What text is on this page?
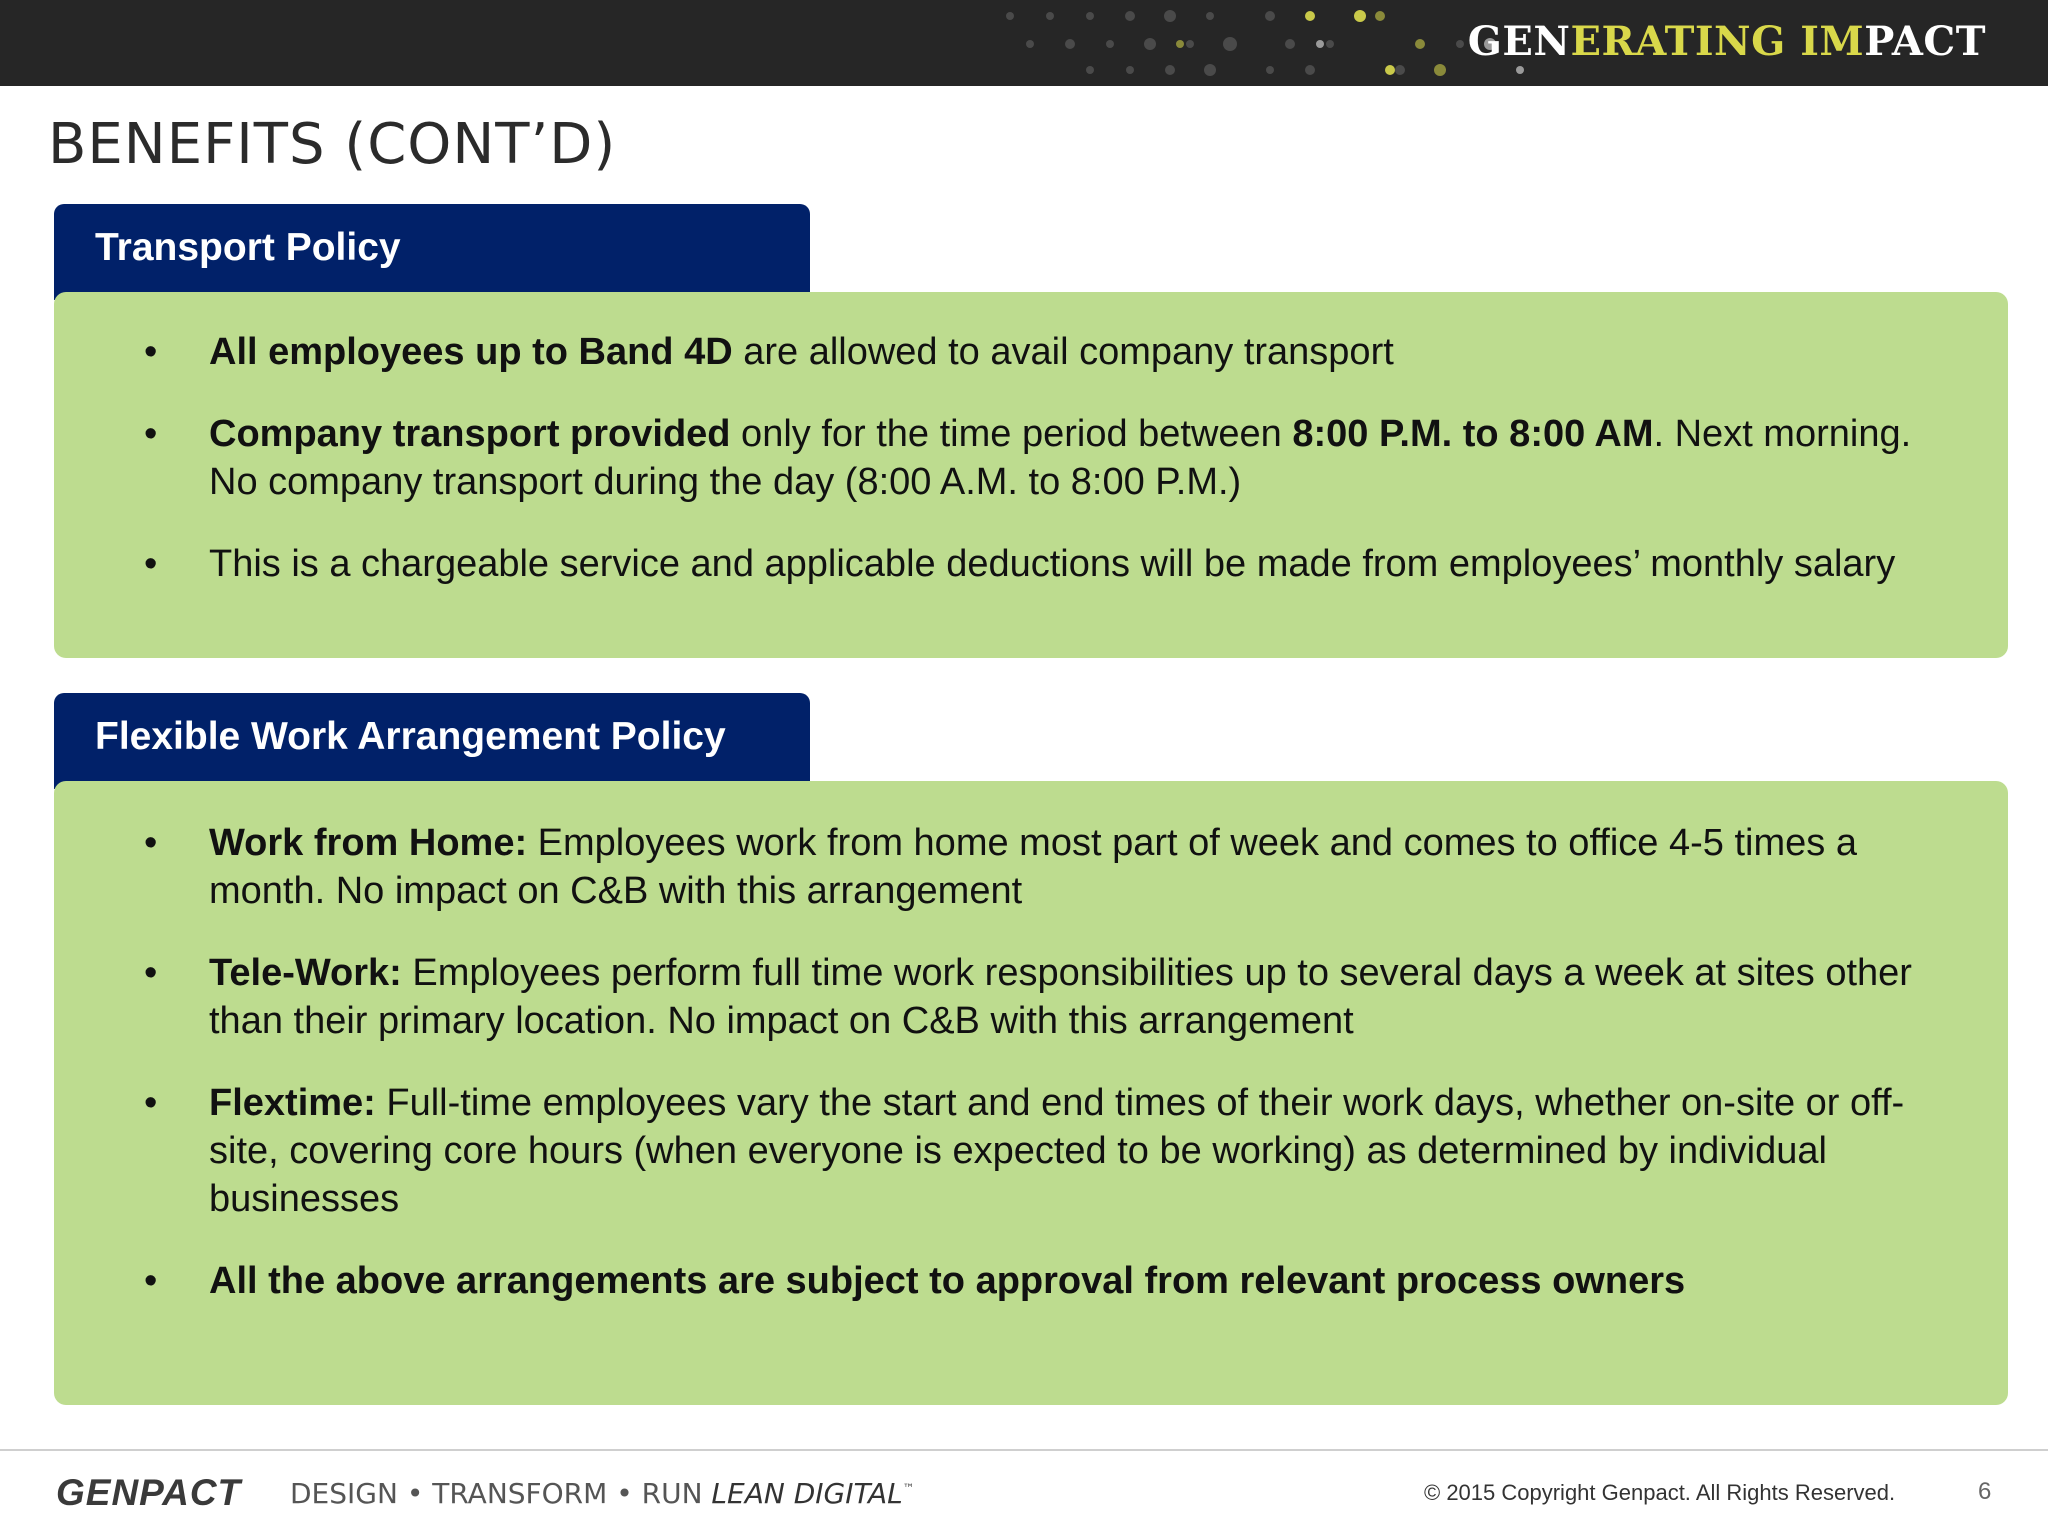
GENERATING IMPACT
BENEFITS (CONT’D)
Transport Policy
• All employees up to Band 4D are allowed to avail company transport
• Company transport provided only for the time period between 8:00 P.M. to 8:00 AM. Next morning. No company transport during the day (8:00 A.M. to 8:00 P.M.)
• This is a chargeable service and applicable deductions will be made from employees’ monthly salary
Flexible Work Arrangement Policy
• Work from Home: Employees work from home most part of week and comes to office 4-5 times a month. No impact on C&B with this arrangement
• Tele-Work: Employees perform full time work responsibilities up to several days a week at sites other than their primary location. No impact on C&B with this arrangement
• Flextime: Full-time employees vary the start and end times of their work days, whether on-site or off-site, covering core hours (when everyone is expected to be working) as determined by individual businesses
• All the above arrangements are subject to approval from relevant process owners
GENPACT DESIGN • TRANSFORM • RUN LEAN DIGITAL™	© 2015 Copyright Genpact. All Rights Reserved.	6
